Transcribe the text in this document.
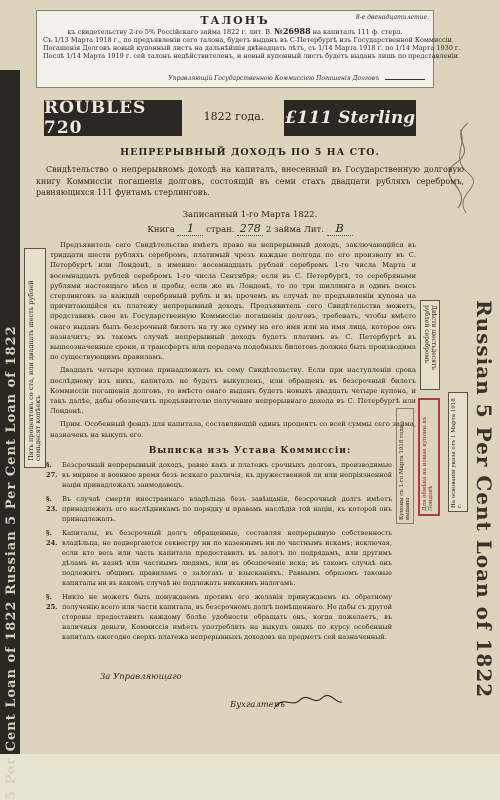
5 Per Cent Loan of 1822 Russian 5 Per Cent Loan of 1822	Russian 5 Per Cent Loan of 1822
ТАЛОНЪ	8-е двенадцатилетие.
къ свидетельству 2-го 5% Россiйскаго займа 1822 г. лит. В. №26988 на капиталъ 111 ф. стерл.
Съ 1/13 Марта 1918 г., по предъявленiи сего талона, будетъ выданъ въ С-Петербургѣ изъ Государственной Коммиссiи
Погашенiя Долговъ новый купонный листъ на дальнѣйшiя двѣнадцать лѣтъ, съ 1/14 Марта 1918 г. по 1/14 Марта 1930 г.
Послѣ 1/14 Марта 1919 г. сей талонъ недѣйствителенъ, и новый купонный листъ будетъ выданъ лишь по представленiи
Управляющiй Государственною Коммиссiею Погашенiя Долговъ
ROUBLES 720
1822 года.	£111 Sterling
НЕПРЕРЫВНЫЙ ДОХОДЪ ПО 5 НА СТО.
Свидѣтельство о непрерывномъ доходѣ на капиталъ, внесенный въ Государственную долговую книгу Коммиссiи погашенiя долговъ, состоящiй въ семи стахъ двадцати рубляхъ серебромъ, равняющихся 111 фунтамъ стерлинговъ.
Записанный 1-го Марта 1822.
Книга 1 стран. 278 2 займа Лит. В
Пять процентовъ со ста, или двадцать шесть рублей семьдесят копѣекъ
Двѣсти шестьдесятъ рублей серебромъ
Купоны съ 1-го Марта 1918 года выданы	Для обмѣна на новые купоны въ Лондонѣ	На основанiи указа отъ 1 Марта 1918 г.

Предъявитель сего Свидѣтельства имѣетъ право на непрерывный доходъ, заключающiйся въ тридцати шести рубляхъ серебромъ, платимый чрезъ каждые полгода по его произволу въ С. Петербургѣ или Лондонѣ, а именно: восемнадцать рублей серебромъ 1-го числа Марта и восемнадцать рублей серебромъ 1-го числа Сентября; если въ С. Петербургѣ, то серебряными рублями настоящаго вѣса и пробы, если же въ Лондонѣ, то по три шиллинга и одинъ пенсъ стерлинговъ за каждый серебряный рубль и въ прочемъ въ случаѣ по предъявленiи купона на причитающiйся къ платежу непрерывный доходъ. Предъявитель сего Свидѣтельства можетъ, представивъ свое въ Государственную Коммиссiю погашенiя долговъ, требовать, чтобы вмѣсто онаго выданъ былъ безсрочный билетъ на ту же сумму на его имя или на имя лица, которое онъ назначитъ; въ такомъ случаѣ непрерывный доходъ будетъ платимъ въ С. Петербургѣ въ вышеозначенные сроки, и трансфертъ или передача подобныхъ билетовъ должна быть производима по существующимъ правиламъ.

Двадцать четыре купона принадлежатъ къ сему Свидѣтельству. Если при наступленiи срока послѣднему изъ нихъ, капиталъ не будетъ выкупленъ, или обращенъ въ безсрочный билетъ Коммиссiи погашенiя долговъ, то вмѣсто онаго выданъ будетъ новыхъ двадцать четыре купона, и такъ далѣе, дабы обезпечить предъявителю получение непрерывнаго дохода въ С. Петербургѣ или Лондонѣ.

Прим. Особенный фондъ для капитала, составляющiй одинъ процентъ со всей суммы сего займа, назначенъ на выкупъ его.

Выписка изъ Устава Коммиссiи:
§. 27.
Безсрочный непрерывный доходъ, равно какъ и платежъ срочныхъ долговъ, производимые въ мирное и военное время безъ всякаго различiя, къ дружественной ли или непрiязненной нацiи принадлежалъ заимодавецъ.
§. 23.
Въ случаѣ смерти иностраннаго владѣльца безъ завѣщанiя, безсрочный долгъ имѣетъ принадлежать его наслѣдникамъ по порядку и правамъ наслѣдiя той нацiи, къ которой онъ принадлежалъ.
§. 24.
Капиталы, въ безсрочный долгъ обращенные, составляя непрерывную собственность владѣльца, не подвергаются секвестру ни по казеннымъ ни по частнымъ искамъ; исключая, если кто весь или часть капитала предоставилъ въ залогъ по подрядамъ, или другимъ дѣламъ въ казнѣ или частнымъ людямъ, или въ обезпеченiе иска; въ такомъ случаѣ онъ подлежитъ общимъ правиламъ о залогахъ и взысканiяхъ. Равнымъ образомъ таковые капиталы ни въ какомъ случаѣ не подлежатъ никакимъ налогамъ.
§. 25.
Никто не можетъ быть понуждаемъ противъ его желанiя принуждаемъ къ обратному полученiю всего или части капитала, въ безсрочномъ долгѣ помѣщеннаго. Но дабы съ другой стороны предоставить каждому болѣе удобности обращать онъ, когда пожелаетъ, въ наличныя деньги, Коммиссiя имѣетъ употреблять на выкупъ оныхъ по курсу особенный капиталъ ежегодно сверхъ платежа непрерывныхъ доходовъ на предметъ сей назначенный.
За Управляющаго
Бухгалтеръ
